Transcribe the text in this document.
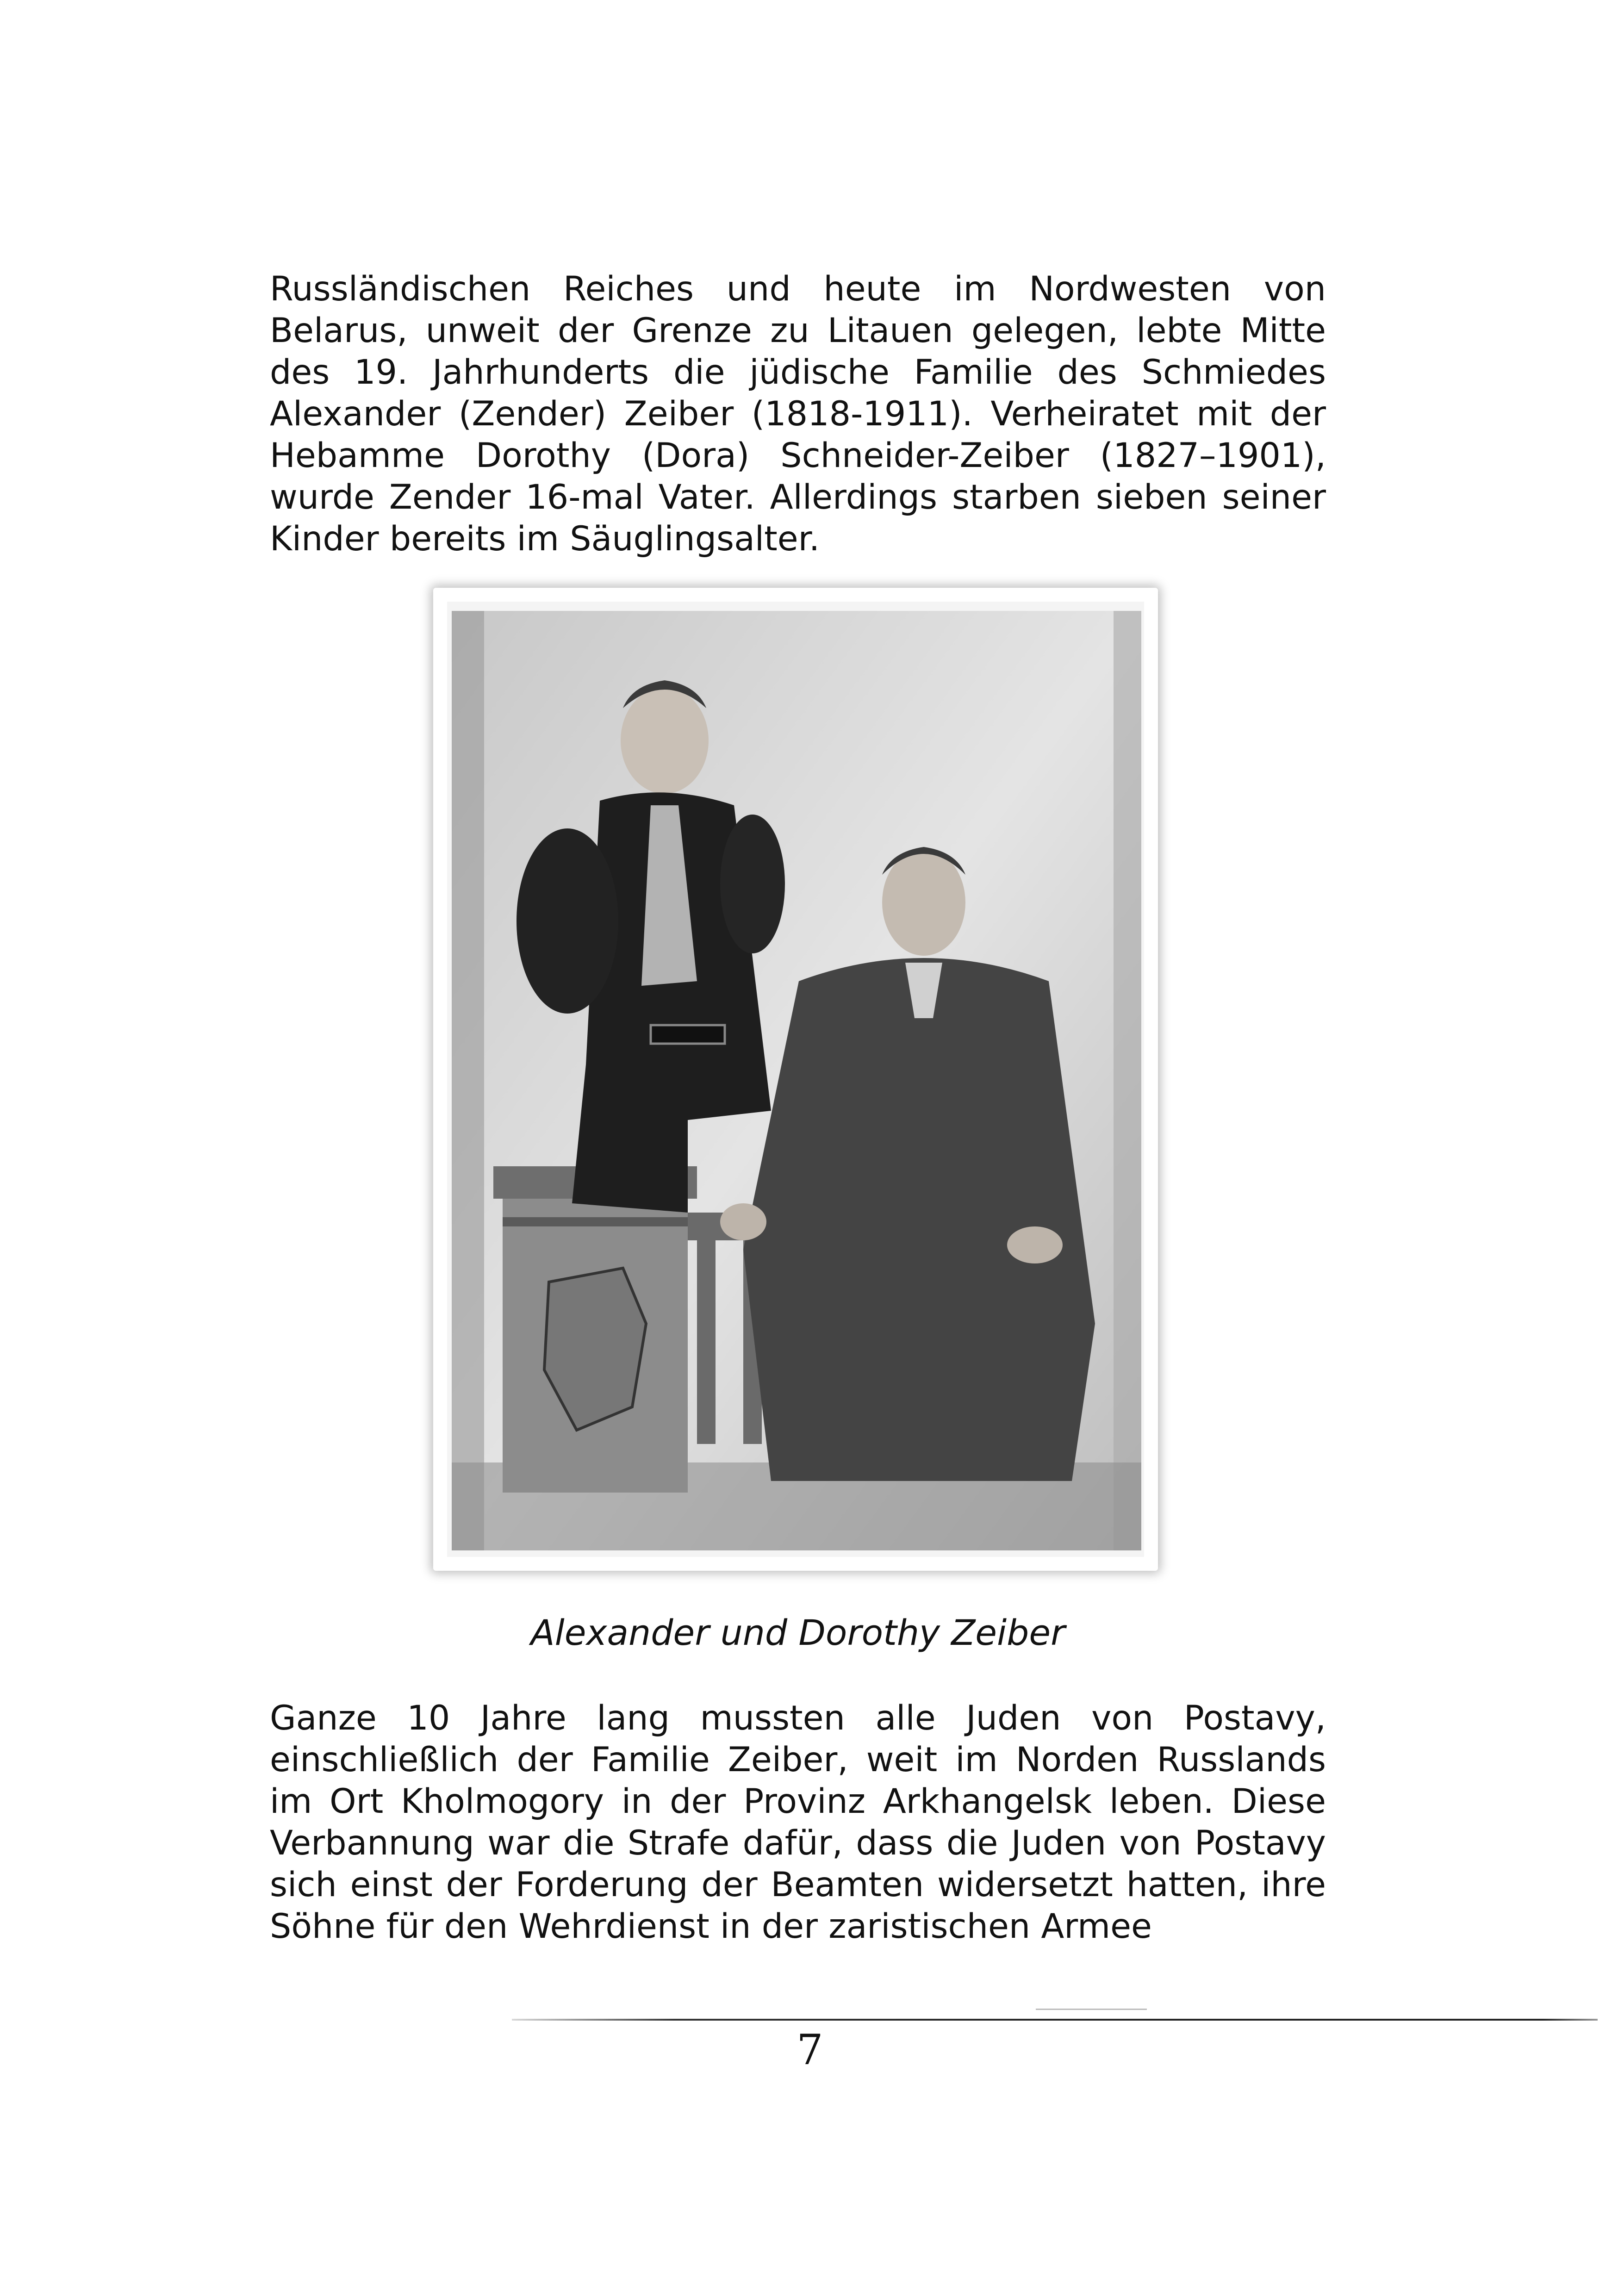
Russländischen Reiches und heute im Nordwesten von Belarus, unweit der Grenze zu Litauen gelegen, lebte Mitte des 19. Jahrhunderts die jüdische Familie des Schmiedes Alexander (Zender) Zeiber (1818-1911). Verheiratet mit der Hebamme Dorothy (Dora) Schneider-Zeiber (1827–1901), wurde Zender 16-mal Vater. Allerdings starben sieben seiner Kinder bereits im Säuglingsalter.

Alexander und Dorothy Zeiber

Ganze 10 Jahre lang mussten alle Juden von Postavy, einschließlich der Familie Zeiber, weit im Norden Russlands im Ort Kholmogory in der Provinz Arkhangelsk leben. Diese Verbannung war die Strafe dafür, dass die Juden von Postavy sich einst der Forderung der Beamten widersetzt hatten, ihre Söhne für den Wehrdienst in der zaristischen Armee

7
